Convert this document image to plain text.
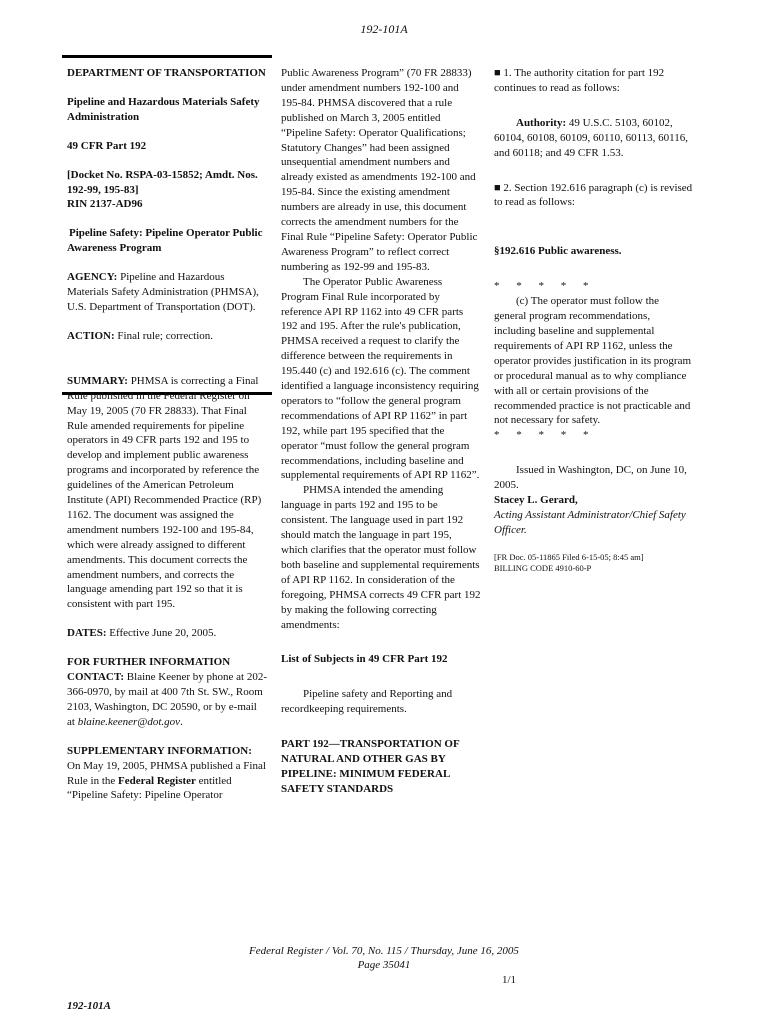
192-101A

DEPARTMENT OF TRANSPORTATION

Pipeline and Hazardous Materials Safety Administration

49 CFR Part 192

[Docket No. RSPA-03-15852; Amdt. Nos. 192-99, 195-83]

RIN 2137-AD96

Pipeline Safety: Pipeline Operator Public Awareness Program

AGENCY: Pipeline and Hazardous Materials Safety Administration (PHMSA), U.S. Department of Transportation (DOT).

ACTION: Final rule; correction.

SUMMARY: PHMSA is correcting a Final Rule published in the Federal Register on May 19, 2005 (70 FR 28833). That Final Rule amended requirements for pipeline operators in 49 CFR parts 192 and 195 to develop and implement public awareness programs and incorporated by reference the guidelines of the American Petroleum Institute (API) Recommended Practice (RP) 1162. The document was assigned the amendment numbers 192-100 and 195-84, which were already assigned to different amendments. This document corrects the amendment numbers, and corrects the language amending part 192 so that it is consistent with part 195.

DATES: Effective June 20, 2005.

FOR FURTHER INFORMATION CONTACT: Blaine Keener by phone at 202-366-0970, by mail at 400 7th St. SW., Room 2103, Washington, DC 20590, or by e-mail at blaine.keener@dot.gov.

SUPPLEMENTARY INFORMATION: On May 19, 2005, PHMSA published a Final Rule in the Federal Register entitled “Pipeline Safety: Pipeline Operator

Public Awareness Program” (70 FR 28833) under amendment numbers 192-100 and 195-84. PHMSA discovered that a rule published on March 3, 2005 entitled “Pipeline Safety: Operator Qualifications; Statutory Changes” had been assigned unsequential amendment numbers and already existed as amendments 192-100 and 195-84. Since the existing amendment numbers are already in use, this document corrects the amendment numbers for the Final Rule “Pipeline Safety: Operator Public Awareness Program” to reflect correct numbering as 192-99 and 195-83.

The Operator Public Awareness Program Final Rule incorporated by reference API RP 1162 into 49 CFR parts 192 and 195. After the rule's publication, PHMSA received a request to clarify the difference between the requirements in 195.440 (c) and 192.616 (c). The comment identified a language inconsistency requiring operators to “follow the general program recommendations of API RP 1162” in part 192, while part 195 specified that the operator “must follow the general program recommendations, including baseline and supplemental requirements of API RP 1162”.

PHMSA intended the amending language in parts 192 and 195 to be consistent. The language used in part 192 should match the language in part 195, which clarifies that the operator must follow both baseline and supplemental requirements of API RP 1162. In consideration of the foregoing, PHMSA corrects 49 CFR part 192 by making the following correcting amendments:

List of Subjects in 49 CFR Part 192

Pipeline safety and Reporting and recordkeeping requirements.

PART 192—TRANSPORTATION OF NATURAL AND OTHER GAS BY PIPELINE: MINIMUM FEDERAL SAFETY STANDARDS

■ 1. The authority citation for part 192 continues to read as follows:

Authority: 49 U.S.C. 5103, 60102, 60104, 60108, 60109, 60110, 60113, 60116, and 60118; and 49 CFR 1.53.

■ 2. Section 192.616 paragraph (c) is revised to read as follows:

§192.616 Public awareness.

* * * * *

(c) The operator must follow the general program recommendations, including baseline and supplemental requirements of API RP 1162, unless the operator provides justification in its program or procedural manual as to why compliance with all or certain provisions of the recommended practice is not practicable and not necessary for safety.

* * * * *

Issued in Washington, DC, on June 10, 2005.

Stacey L. Gerard,

Acting Assistant Administrator/Chief Safety Officer.

[FR Doc. 05-11865 Filed 6-15-05; 8:45 am]

BILLING CODE 4910-60-P

Federal Register / Vol. 70, No. 115 / Thursday, June 16, 2005
Page 35041
1/1
192-101A
